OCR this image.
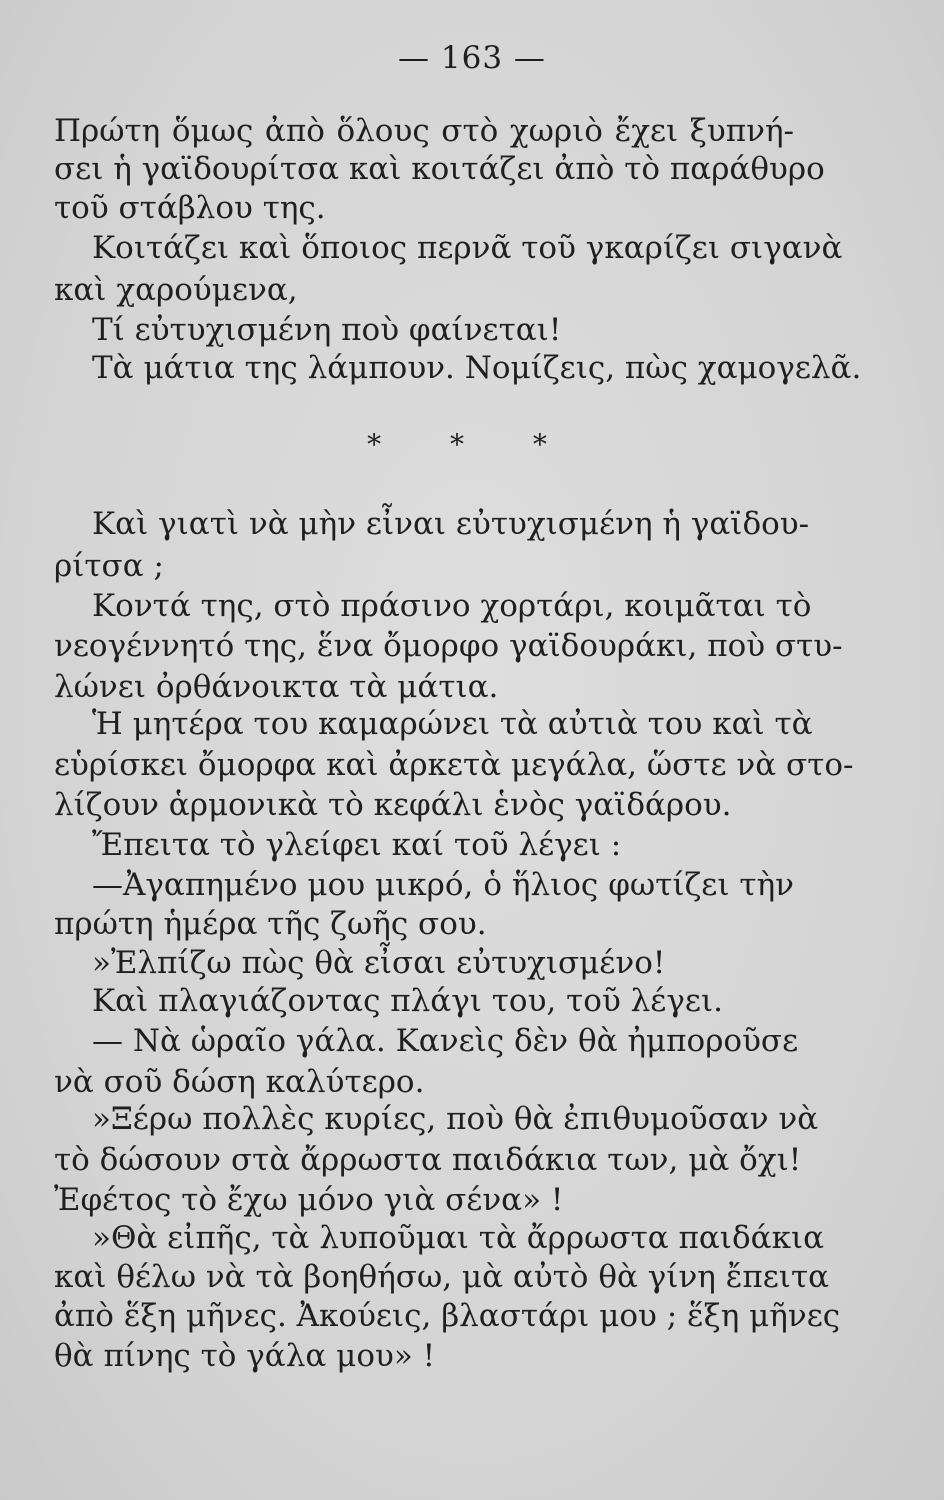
— 163 —
Πρώτη ὅμως ἀπὸ ὅλους στὸ χωριὸ ἔχει ξυπνή-
σει ἡ γαϊδουρίτσα καὶ κοιτάζει ἀπὸ τὸ παράθυρο
τοῦ στάβλου της.
Κοιτάζει καὶ ὅποιος περνᾶ τοῦ γκαρίζει σιγανὰ
καὶ χαρούμενα,
Τί εὐτυχισμένη ποὺ φαίνεται!
Τὰ μάτια της λάμπουν. Νομίζεις, πὼς χαμογελᾶ.
* * *
Καὶ γιατὶ νὰ μὴν εἶναι εὐτυχισμένη ἡ γαϊδου-
ρίτσα ;
Κοντά της, στὸ πράσινο χορτάρι, κοιμᾶται τὸ
νεογέννητό της, ἕνα ὄμορφο γαϊδουράκι, ποὺ στυ-
λώνει ὀρθάνοικτα τὰ μάτια.
Ἡ μητέρα του καμαρώνει τὰ αὐτιὰ του καὶ τὰ
εὑρίσκει ὄμορφα καὶ ἀρκετὰ μεγάλα, ὥστε νὰ στο-
λίζουν ἁρμονικὰ τὸ κεφάλι ἑνὸς γαϊδάρου.
Ἔπειτα τὸ γλείφει καί τοῦ λέγει :
—Ἀγαπημένο μου μικρό, ὁ ἥλιος φωτίζει τὴν
πρώτη ἡμέρα τῆς ζωῆς σου.
»Ἐλπίζω πὼς θὰ εἶσαι εὐτυχισμένο!
Καὶ πλαγιάζοντας πλάγι του, τοῦ λέγει.
— Νὰ ὡραῖο γάλα. Κανεὶς δὲν θὰ ἠμποροῦσε
νὰ σοῦ δώση καλύτερο.
»Ξέρω πολλὲς κυρίες, ποὺ θὰ ἐπιθυμοῦσαν νὰ
τὸ δώσουν στὰ ἄρρωστα παιδάκια των, μὰ ὄχι!
Ἐφέτος τὸ ἔχω μόνο γιὰ σένα» !
»Θὰ εἰπῆς, τὰ λυποῦμαι τὰ ἄρρωστα παιδάκια
καὶ θέλω νὰ τὰ βοηθήσω, μὰ αὐτὸ θὰ γίνη ἔπειτα
ἀπὸ ἕξη μῆνες. Ἀκούεις, βλαστάρι μου ; ἕξη μῆνες
θὰ πίνης τὸ γάλα μου» !
